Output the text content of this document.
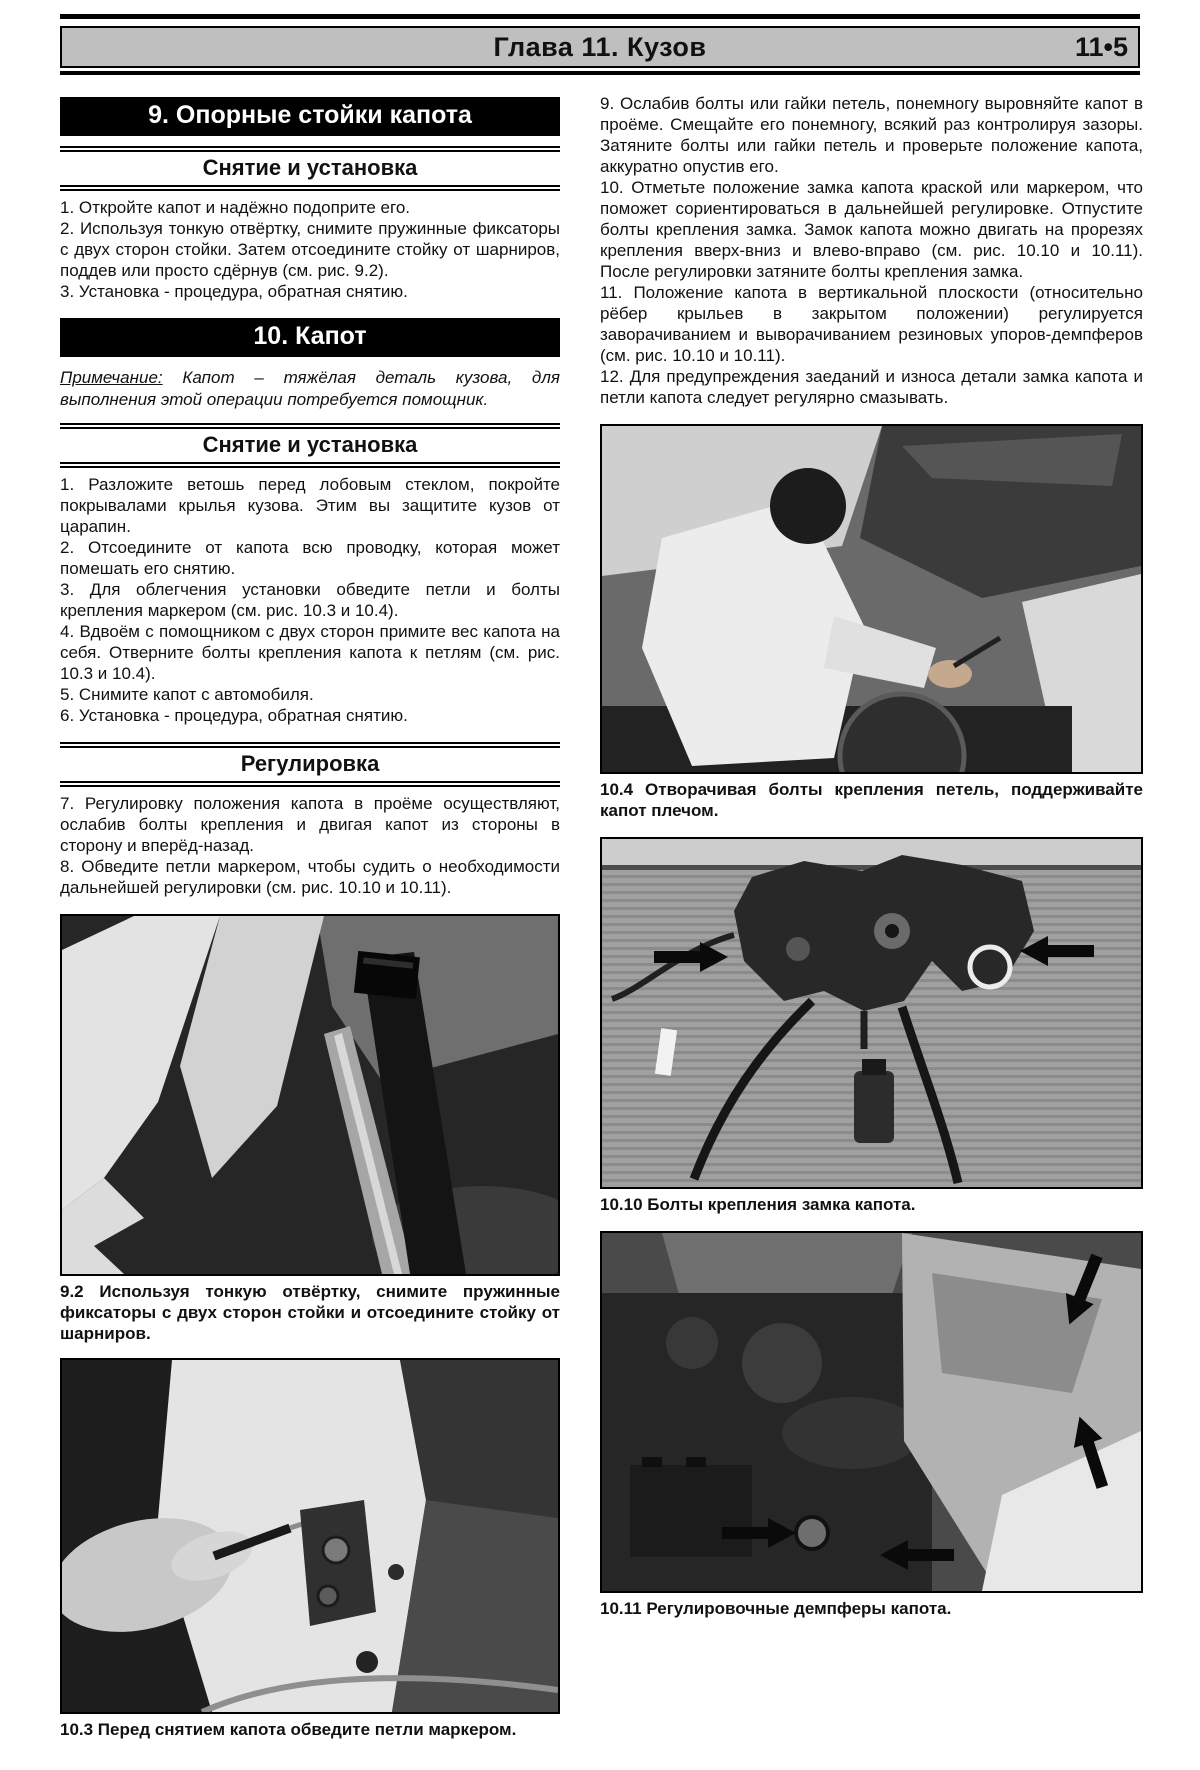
Глава 11. Кузов	11•5
9. Опорные стойки капота
Снятие и установка

1. Откройте капот и надёжно подоприте его.

2. Используя тонкую отвёртку, снимите пружинные фиксаторы с двух сторон стойки. Затем отсоедините стойку от шарниров, поддев или просто сдёрнув (см. рис. 9.2).

3. Установка - процедура, обратная снятию.

10. Капот

Примечание: Капот – тяжёлая деталь кузова, для выполнения этой операции потребуется помощник.

Снятие и установка

1. Разложите ветошь перед лобовым стеклом, покройте покрывалами крылья кузова. Этим вы защитите кузов от царапин.

2. Отсоедините от капота всю проводку, которая может помешать его снятию.

3. Для облегчения установки обведите петли и болты крепления маркером (см. рис. 10.3 и 10.4).

4. Вдвоём с помощником с двух сторон примите вес капота на себя. Отверните болты крепления капота к петлям (см. рис. 10.3 и 10.4).

5. Снимите капот с автомобиля.

6. Установка - процедура, обратная снятию.

Регулировка

7. Регулировку положения капота в проёме осуществляют, ослабив болты крепления и двигая капот из стороны в сторону и вперёд-назад.

8. Обведите петли маркером, чтобы судить о необходимости дальнейшей регулировки (см. рис. 10.10 и 10.11).

9.2 Используя тонкую отвёртку, снимите пружинные фиксаторы с двух сторон стойки и отсоедините стойку от шарниров.
10.3 Перед снятием капота обведите петли маркером.

9. Ослабив болты или гайки петель, понемногу выровняйте капот в проёме. Смещайте его понемногу, всякий раз контролируя зазоры. Затяните болты или гайки петель и проверьте положение капота, аккуратно опустив его.

10. Отметьте положение замка капота краской или маркером, что поможет сориентироваться в дальнейшей регулировке. Отпустите болты крепления замка. Замок капота можно двигать на прорезях крепления вверх-вниз и влево-вправо (см. рис. 10.10 и 10.11). После регулировки затяните болты крепления замка.

11. Положение капота в вертикальной плоскости (относительно рёбер крыльев в закрытом положении) регулируется заворачиванием и выворачиванием резиновых упоров-демпферов (см. рис. 10.10 и 10.11).

12. Для предупреждения заеданий и износа детали замка капота и петли капота следует регулярно смазывать.

10.4 Отворачивая болты крепления петель, поддерживайте капот плечом.
10.10 Болты крепления замка капота.
10.11 Регулировочные демпферы капота.
